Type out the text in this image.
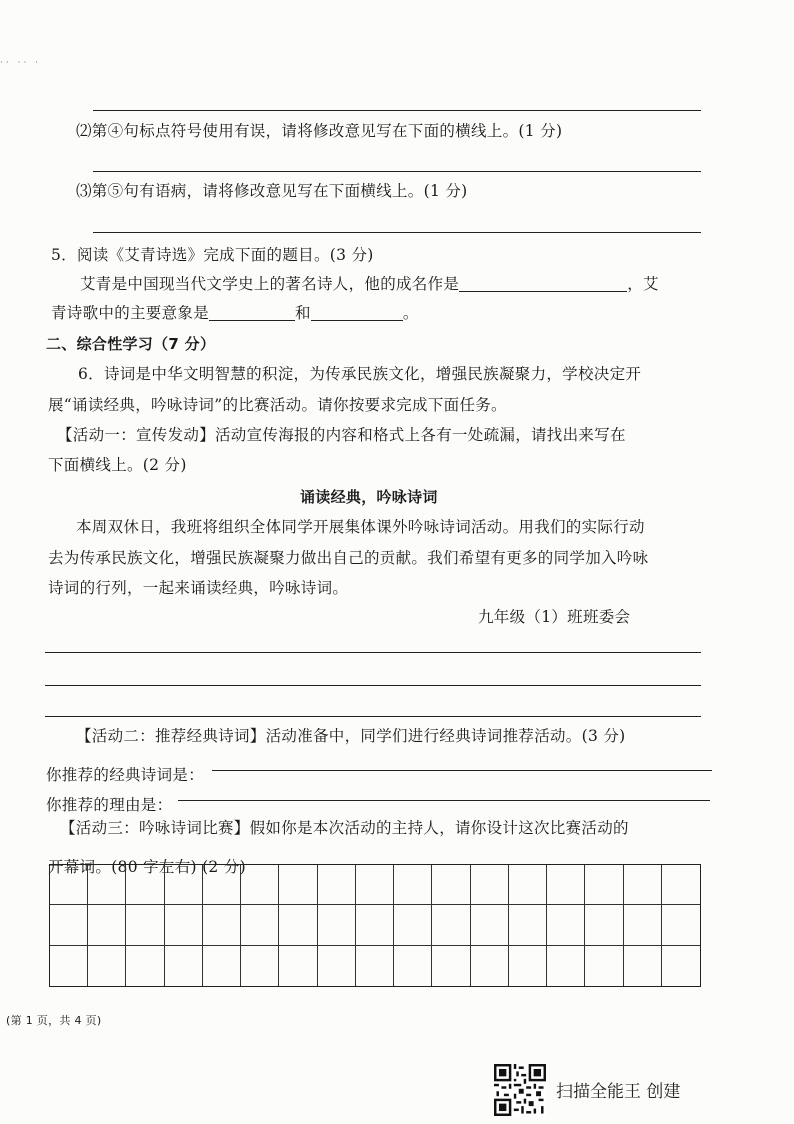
·· ·· ·
⑵第④句标点符号使用有误，请将修改意见写在下面的横线上。(1 分)
⑶第⑤句有语病，请将修改意见写在下面横线上。(1 分)
5．阅读《艾青诗选》完成下面的题目。(3 分)
艾青是中国现当代文学史上的著名诗人，他的成名作是	，艾
青诗歌中的主要意象是	和	。
二、综合性学习（7 分）
6．诗词是中华文明智慧的积淀，为传承民族文化，增强民族凝聚力，学校决定开
展“诵读经典，吟咏诗词”的比赛活动。请你按要求完成下面任务。
【活动一：宣传发动】活动宣传海报的内容和格式上各有一处疏漏，请找出来写在
下面横线上。(2 分)
诵读经典，吟咏诗词
本周双休日，我班将组织全体同学开展集体课外吟咏诗词活动。用我们的实际行动
去为传承民族文化，增强民族凝聚力做出自己的贡献。我们希望有更多的同学加入吟咏
诗词的行列，一起来诵读经典，吟咏诗词。
九年级（1）班班委会
【活动二：推荐经典诗词】活动准备中，同学们进行经典诗词推荐活动。(3 分)
你推荐的经典诗词是：
你推荐的理由是：
【活动三：吟咏诗词比赛】假如你是本次活动的主持人，请你设计这次比赛活动的
开幕词。(80 字左右) (2 分)
(第 1 页，共 4 页)
扫描全能王 创建
